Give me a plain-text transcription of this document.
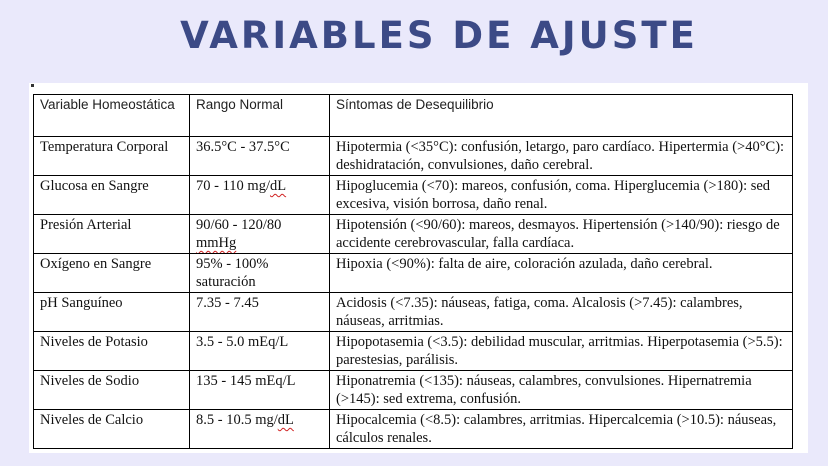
VARIABLES DE AJUSTE
Variable Homeostática	Rango Normal	Síntomas de Desequilibrio
Temperatura Corporal	36.5°C - 37.5°C	Hipotermia (<35°C): confusión, letargo, paro cardíaco. Hipertermia (>40°C): deshidratación, convulsiones, daño cerebral.
Glucosa en Sangre	70 - 110 mg/dL	Hipoglucemia (<70): mareos, confusión, coma. Hiperglucemia (>180): sed excesiva, visión borrosa, daño renal.
Presión Arterial	90/60 - 120/80 mmHg	Hipotensión (<90/60): mareos, desmayos. Hipertensión (>140/90): riesgo de accidente cerebrovascular, falla cardíaca.
Oxígeno en Sangre	95% - 100% saturación	Hipoxia (<90%): falta de aire, coloración azulada, daño cerebral.
pH Sanguíneo	7.35 - 7.45	Acidosis (<7.35): náuseas, fatiga, coma. Alcalosis (>7.45): calambres, náuseas, arritmias.
Niveles de Potasio	3.5 - 5.0 mEq/L	Hipopotasemia (<3.5): debilidad muscular, arritmias. Hiperpotasemia (>5.5): parestesias, parálisis.
Niveles de Sodio	135 - 145 mEq/L	Hiponatremia (<135): náuseas, calambres, convulsiones. Hipernatremia (>145): sed extrema, confusión.
Niveles de Calcio	8.5 - 10.5 mg/dL	Hipocalcemia (<8.5): calambres, arritmias. Hipercalcemia (>10.5): náuseas, cálculos renales.
